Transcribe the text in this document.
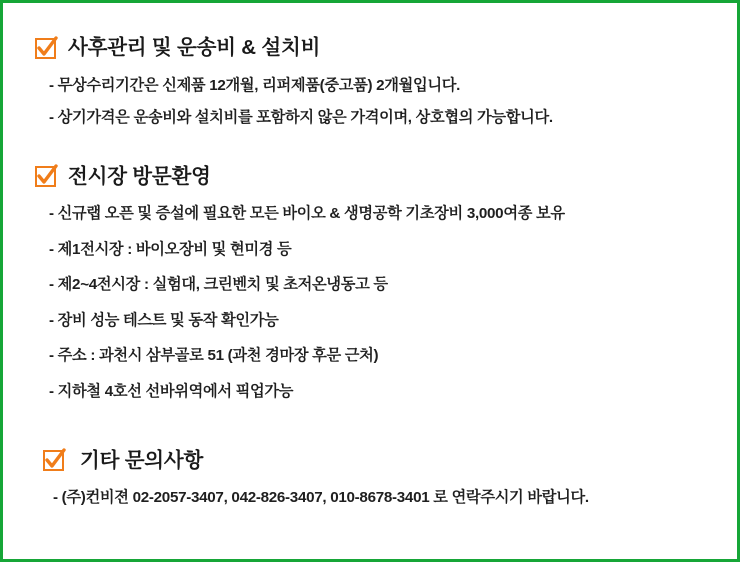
사후관리 및 운송비 & 설치비
- 무상수리기간은 신제품 12개월, 리퍼제품(중고품) 2개월입니다.
- 상기가격은 운송비와 설치비를 포함하지 않은 가격이며, 상호협의 가능합니다.
전시장 방문환영
- 신규랩 오픈 및 증설에 필요한 모든 바이오 & 생명공학 기초장비 3,000여종 보유
- 제1전시장 : 바이오장비 및 현미경 등
- 제2~4전시장 : 실험대, 크린벤치 및 초저온냉동고 등
- 장비 성능 테스트 및 동작 확인가능
- 주소 : 과천시 삼부골로 51 (과천 경마장 후문 근처)
- 지하철 4호선 선바위역에서 픽업가능
기타 문의사항
- (주)컨비젼 02-2057-3407, 042-826-3407, 010-8678-3401 로 연락주시기 바랍니다.
